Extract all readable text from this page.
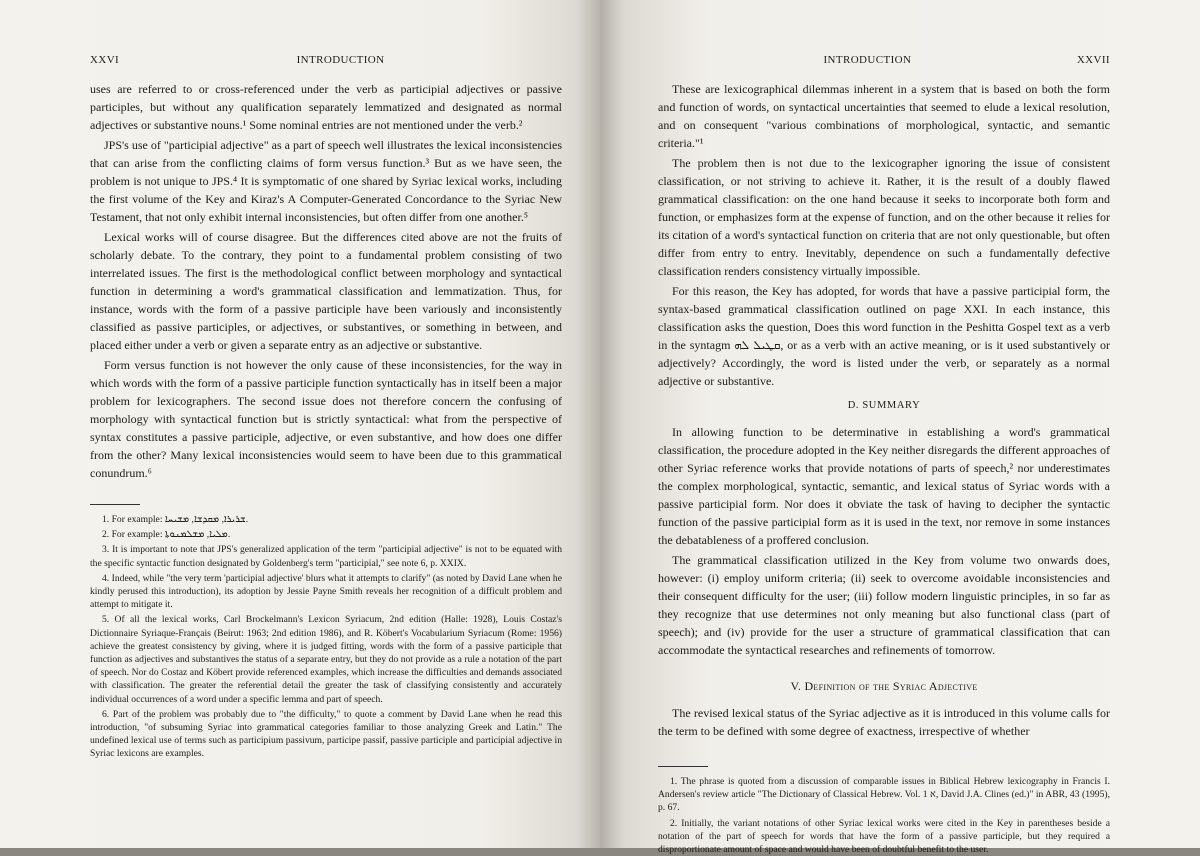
XXVI	INTRODUCTION

uses are referred to or cross-referenced under the verb as participial adjectives or passive participles, but without any qualification separately lemmatized and designated as normal adjectives or substantive nouns.¹ Some nominal entries are not mentioned under the verb.²

JPS's use of "participial adjective" as a part of speech well illustrates the lexical inconsistencies that can arise from the conflicting claims of form versus function.³ But as we have seen, the problem is not unique to JPS.⁴ It is symptomatic of one shared by Syriac lexical works, including the first volume of the Key and Kiraz's A Computer-Generated Concordance to the Syriac New Testament, that not only exhibit internal inconsistencies, but often differ from one another.⁵

Lexical works will of course disagree. But the differences cited above are not the fruits of scholarly debate. To the contrary, they point to a fundamental problem consisting of two interrelated issues. The first is the methodological conflict between morphology and syntactical function in determining a word's grammatical classification and lemmatization. Thus, for instance, words with the form of a passive participle have been variously and inconsistently classified as passive participles, or adjectives, or substantives, or something in between, and placed either under a verb or given a separate entry as an adjective or substantive.

Form versus function is not however the only cause of these inconsistencies, for the way in which words with the form of a passive participle function syntactically has in itself been a major problem for lexicographers. The second issue does not therefore concern the confusing of morphology with syntactical function but is strictly syntactical: what from the perspective of syntax constitutes a passive participle, adjective, or even substantive, and how does one differ from the other? Many lexical inconsistencies would seem to have been due to this grammatical conundrum.⁶

1. For example: ܫܪܝܪܐ, ܡܩܕܫܐ, ܡܫܝܚܐ.

2. For example: ܡܠܝܐ, ܡܫܠܡܢܘܬܐ.

3. It is important to note that JPS's generalized application of the term "participial adjective" is not to be equated with the specific syntactic function designated by Goldenberg's term "participial," see note 6, p. XXIX.

4. Indeed, while "the very term 'participial adjective' blurs what it attempts to clarify" (as noted by David Lane when he kindly perused this introduction), its adoption by Jessie Payne Smith reveals her recognition of a difficult problem and attempt to mitigate it.

5. Of all the lexical works, Carl Brockelmann's Lexicon Syriacum, 2nd edition (Halle: 1928), Louis Costaz's Dictionnaire Syriaque-Français (Beirut: 1963; 2nd edition 1986), and R. Köbert's Vocabularium Syriacum (Rome: 1956) achieve the greatest consistency by giving, where it is judged fitting, words with the form of a passive participle that function as adjectives and substantives the status of a separate entry, but they do not provide as a rule a notation of the part of speech. Nor do Costaz and Köbert provide referenced examples, which increase the difficulties and demands associated with classification. The greater the referential detail the greater the task of classifying consistently and accurately individual occurrences of a word under a specific lemma and part of speech.

6. Part of the problem was probably due to "the difficulty," to quote a comment by David Lane when he read this introduction, "of subsuming Syriac into grammatical categories familiar to those analyzing Greek and Latin." The undefined lexical use of terms such as participium passivum, participe passif, passive participle and participial adjective in Syriac lexicons are examples.

INTRODUCTION	XXVII

These are lexicographical dilemmas inherent in a system that is based on both the form and function of words, on syntactical uncertainties that seemed to elude a lexical resolution, and on consequent "various combinations of morphological, syntactic, and semantic criteria."¹

The problem then is not due to the lexicographer ignoring the issue of consistent classification, or not striving to achieve it. Rather, it is the result of a doubly flawed grammatical classification: on the one hand because it seeks to incorporate both form and function, or emphasizes form at the expense of function, and on the other because it relies for its citation of a word's syntactical function on criteria that are not only questionable, but often differ from entry to entry. Inevitably, dependence on such a fundamentally defective classification renders consistency virtually impossible.

For this reason, the Key has adopted, for words that have a passive participial form, the syntax-based grammatical classification outlined on page XXI. In each instance, this classification asks the question, Does this word function in the Peshitta Gospel text as a verb in the syntagm ܩܛܝܠ ܠܗ, or as a verb with an active meaning, or is it used substantively or adjectively? Accordingly, the word is listed under the verb, or separately as a normal adjective or substantive.

D. SUMMARY

In allowing function to be determinative in establishing a word's grammatical classification, the procedure adopted in the Key neither disregards the different approaches of other Syriac reference works that provide notations of parts of speech,² nor underestimates the complex morphological, syntactic, semantic, and lexical status of Syriac words with a passive participial form. Nor does it obviate the task of having to decipher the syntactic function of the passive participial form as it is used in the text, nor remove in some instances the debatableness of a proffered conclusion.

The grammatical classification utilized in the Key from volume two onwards does, however: (i) employ uniform criteria; (ii) seek to overcome avoidable inconsistencies and their consequent difficulty for the user; (iii) follow modern linguistic principles, in so far as they recognize that use determines not only meaning but also functional class (part of speech); and (iv) provide for the user a structure of grammatical classification that can accommodate the syntactical researches and refinements of tomorrow.

V. Definition of the Syriac Adjective

The revised lexical status of the Syriac adjective as it is introduced in this volume calls for the term to be defined with some degree of exactness, irrespective of whether

1. The phrase is quoted from a discussion of comparable issues in Biblical Hebrew lexicography in Francis I. Andersen's review article "The Dictionary of Classical Hebrew. Vol. 1 א, David J.A. Clines (ed.)" in ABR, 43 (1995), p. 67.

2. Initially, the variant notations of other Syriac lexical works were cited in the Key in parentheses beside a notation of the part of speech for words that have the form of a passive participle, but they required a disproportionate amount of space and would have been of doubtful benefit to the user.
